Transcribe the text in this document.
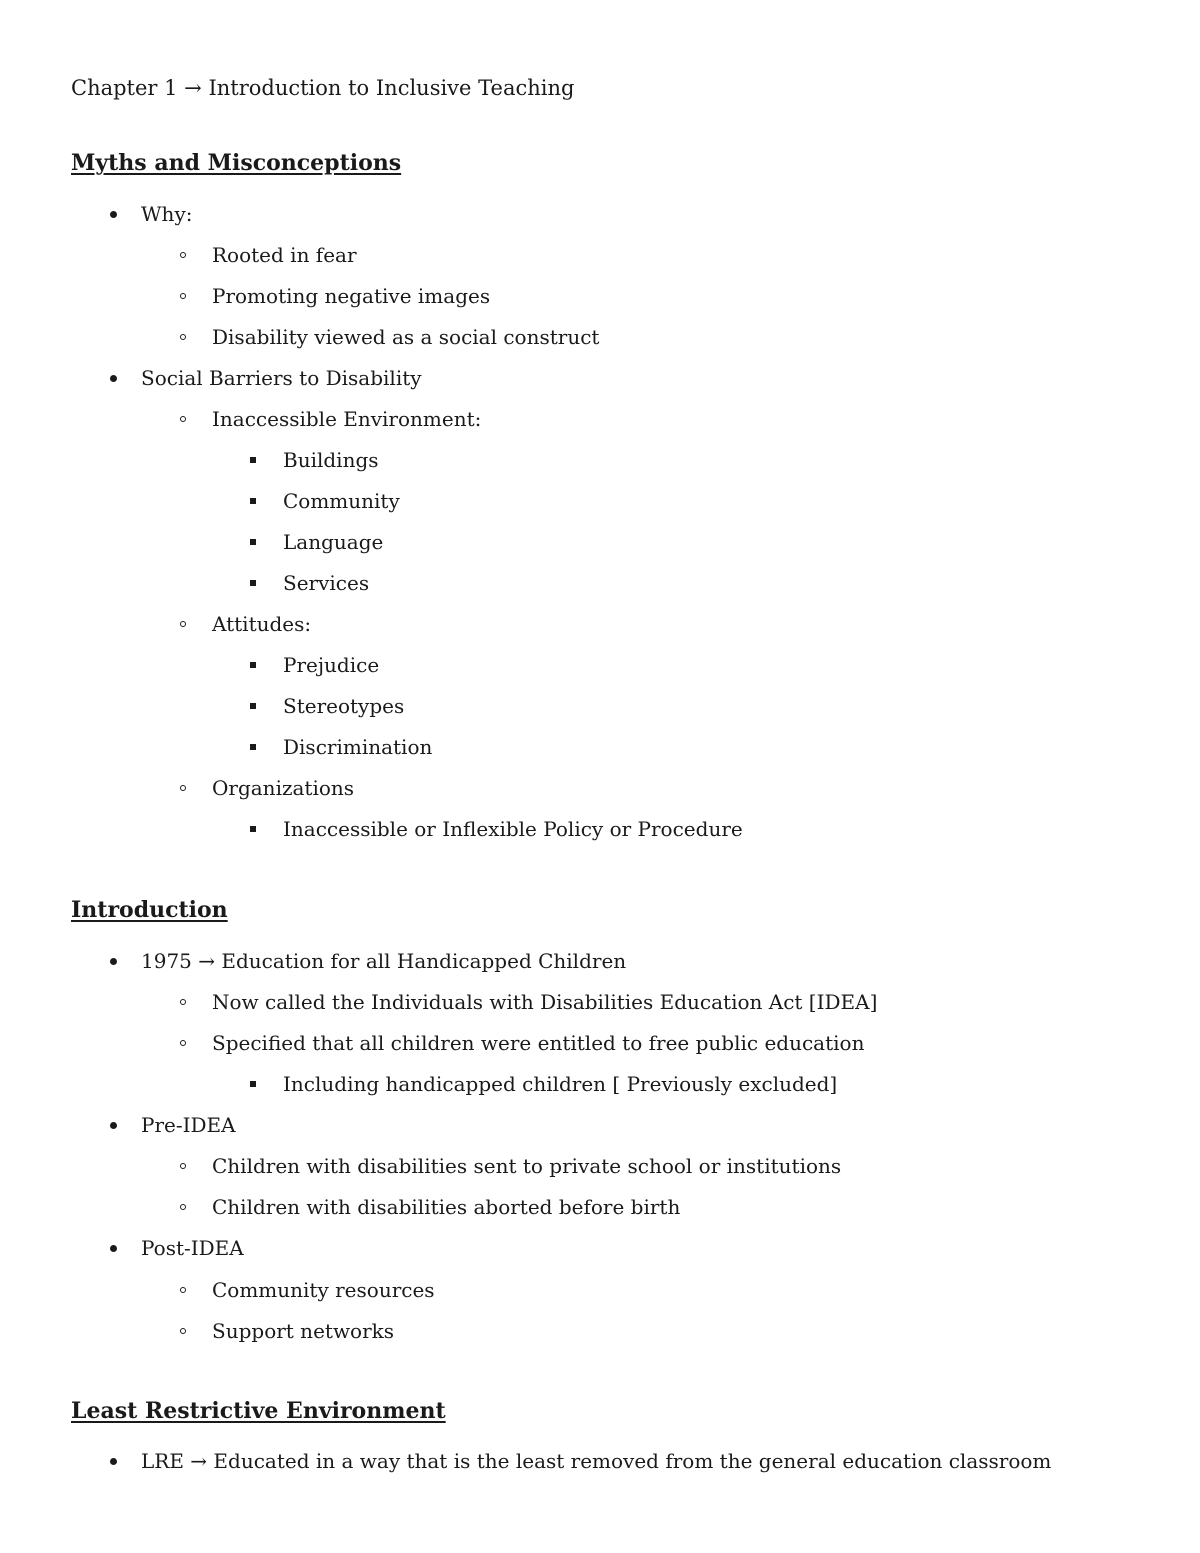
Chapter 1 → Introduction to Inclusive Teaching
Myths and Misconceptions
Why:
Rooted in fear
Promoting negative images
Disability viewed as a social construct
Social Barriers to Disability
Inaccessible Environment:
Buildings
Community
Language
Services
Attitudes:
Prejudice
Stereotypes
Discrimination
Organizations
Inaccessible or Inflexible Policy or Procedure
Introduction
1975 → Education for all Handicapped Children
Now called the Individuals with Disabilities Education Act [IDEA]
Specified that all children were entitled to free public education
Including handicapped children [ Previously excluded]
Pre-IDEA
Children with disabilities sent to private school or institutions
Children with disabilities aborted before birth
Post-IDEA
Community resources
Support networks
Least Restrictive Environment
LRE → Educated in a way that is the least removed from the general education classroom
